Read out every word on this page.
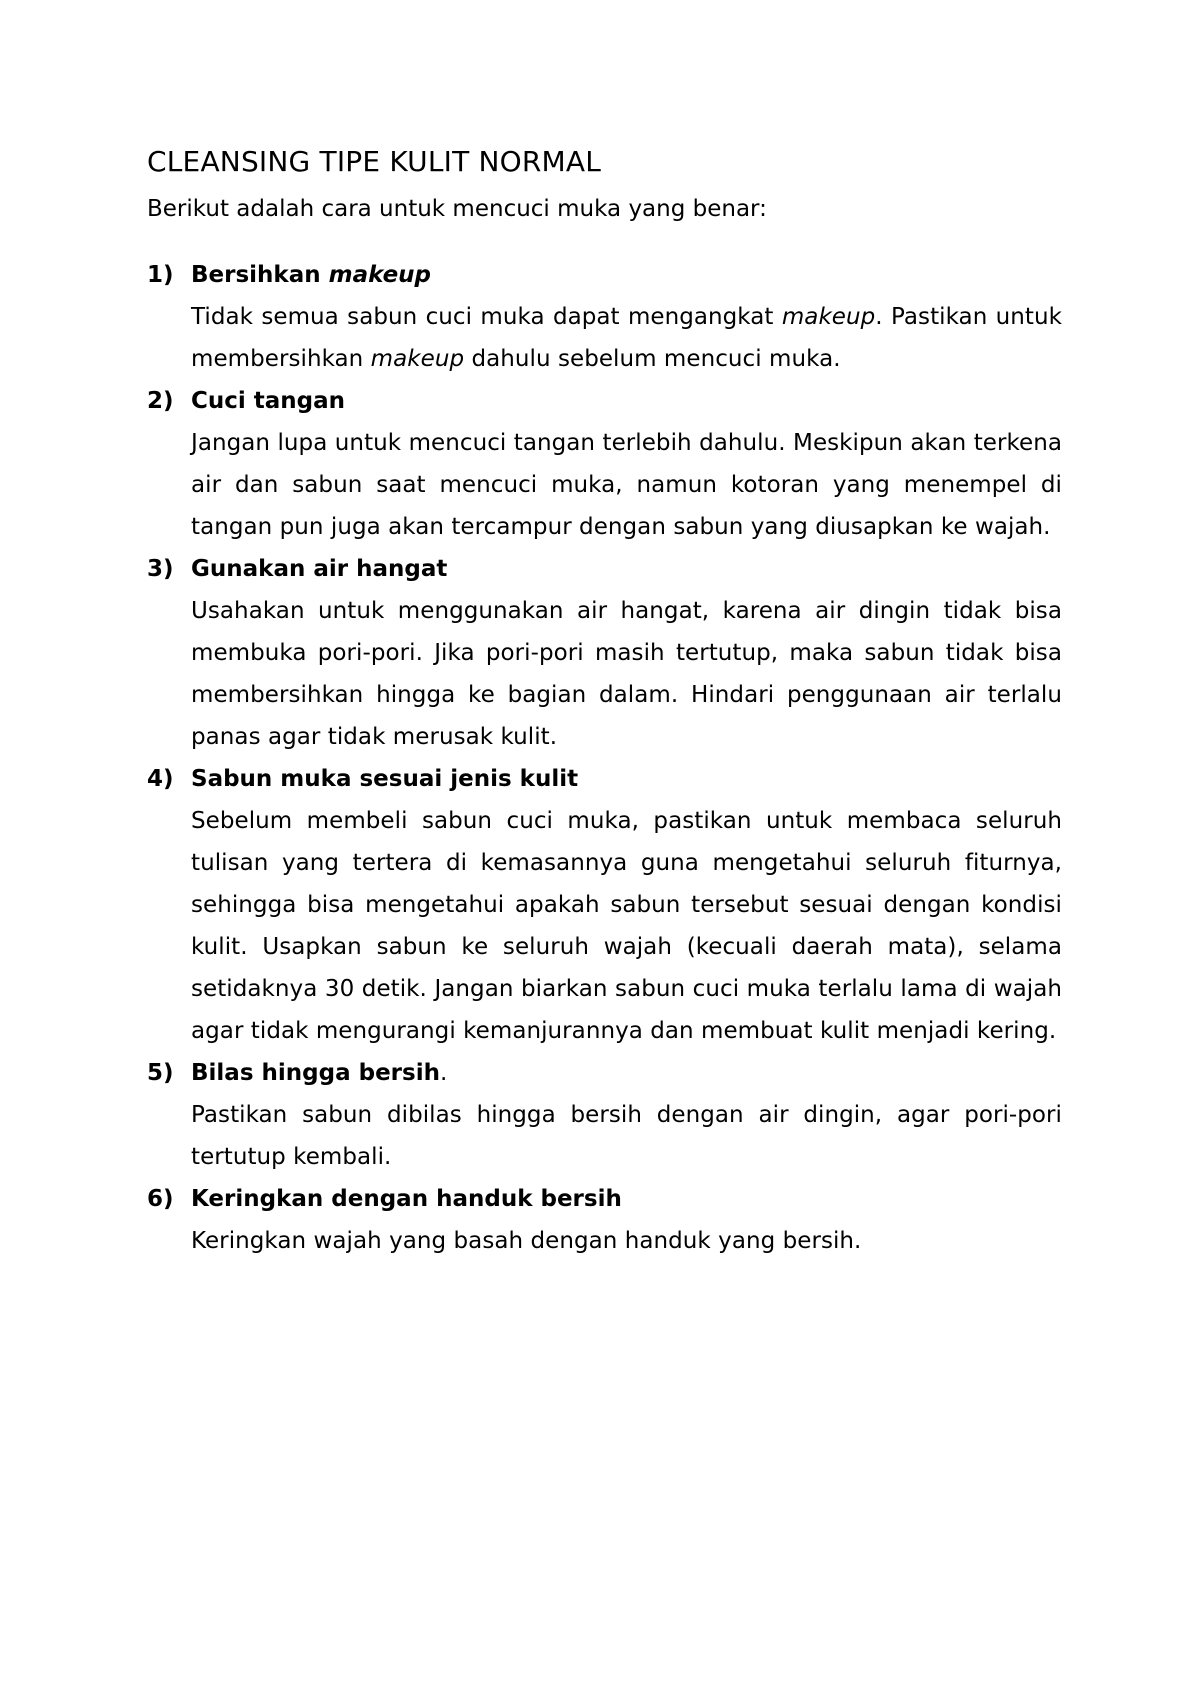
CLEANSING TIPE KULIT NORMAL

Berikut adalah cara untuk mencuci muka yang benar:

1) Bersihkan makeup

Tidak semua sabun cuci muka dapat mengangkat makeup. Pastikan untuk membersihkan makeup dahulu sebelum mencuci muka.

2) Cuci tangan

Jangan lupa untuk mencuci tangan terlebih dahulu. Meskipun akan terkena air dan sabun saat mencuci muka, namun kotoran yang menempel di tangan pun juga akan tercampur dengan sabun yang diusapkan ke wajah.

3) Gunakan air hangat

Usahakan untuk menggunakan air hangat, karena air dingin tidak bisa membuka pori-pori. Jika pori-pori masih tertutup, maka sabun tidak bisa membersihkan hingga ke bagian dalam. Hindari penggunaan air terlalu panas agar tidak merusak kulit.

4) Sabun muka sesuai jenis kulit

Sebelum membeli sabun cuci muka, pastikan untuk membaca seluruh tulisan yang tertera di kemasannya guna mengetahui seluruh fiturnya, sehingga bisa mengetahui apakah sabun tersebut sesuai dengan kondisi kulit. Usapkan sabun ke seluruh wajah (kecuali daerah mata), selama setidaknya 30 detik. Jangan biarkan sabun cuci muka terlalu lama di wajah agar tidak mengurangi kemanjurannya dan membuat kulit menjadi kering.

5) Bilas hingga bersih.

Pastikan sabun dibilas hingga bersih dengan air dingin, agar pori-pori tertutup kembali.

6) Keringkan dengan handuk bersih

Keringkan wajah yang basah dengan handuk yang bersih.
